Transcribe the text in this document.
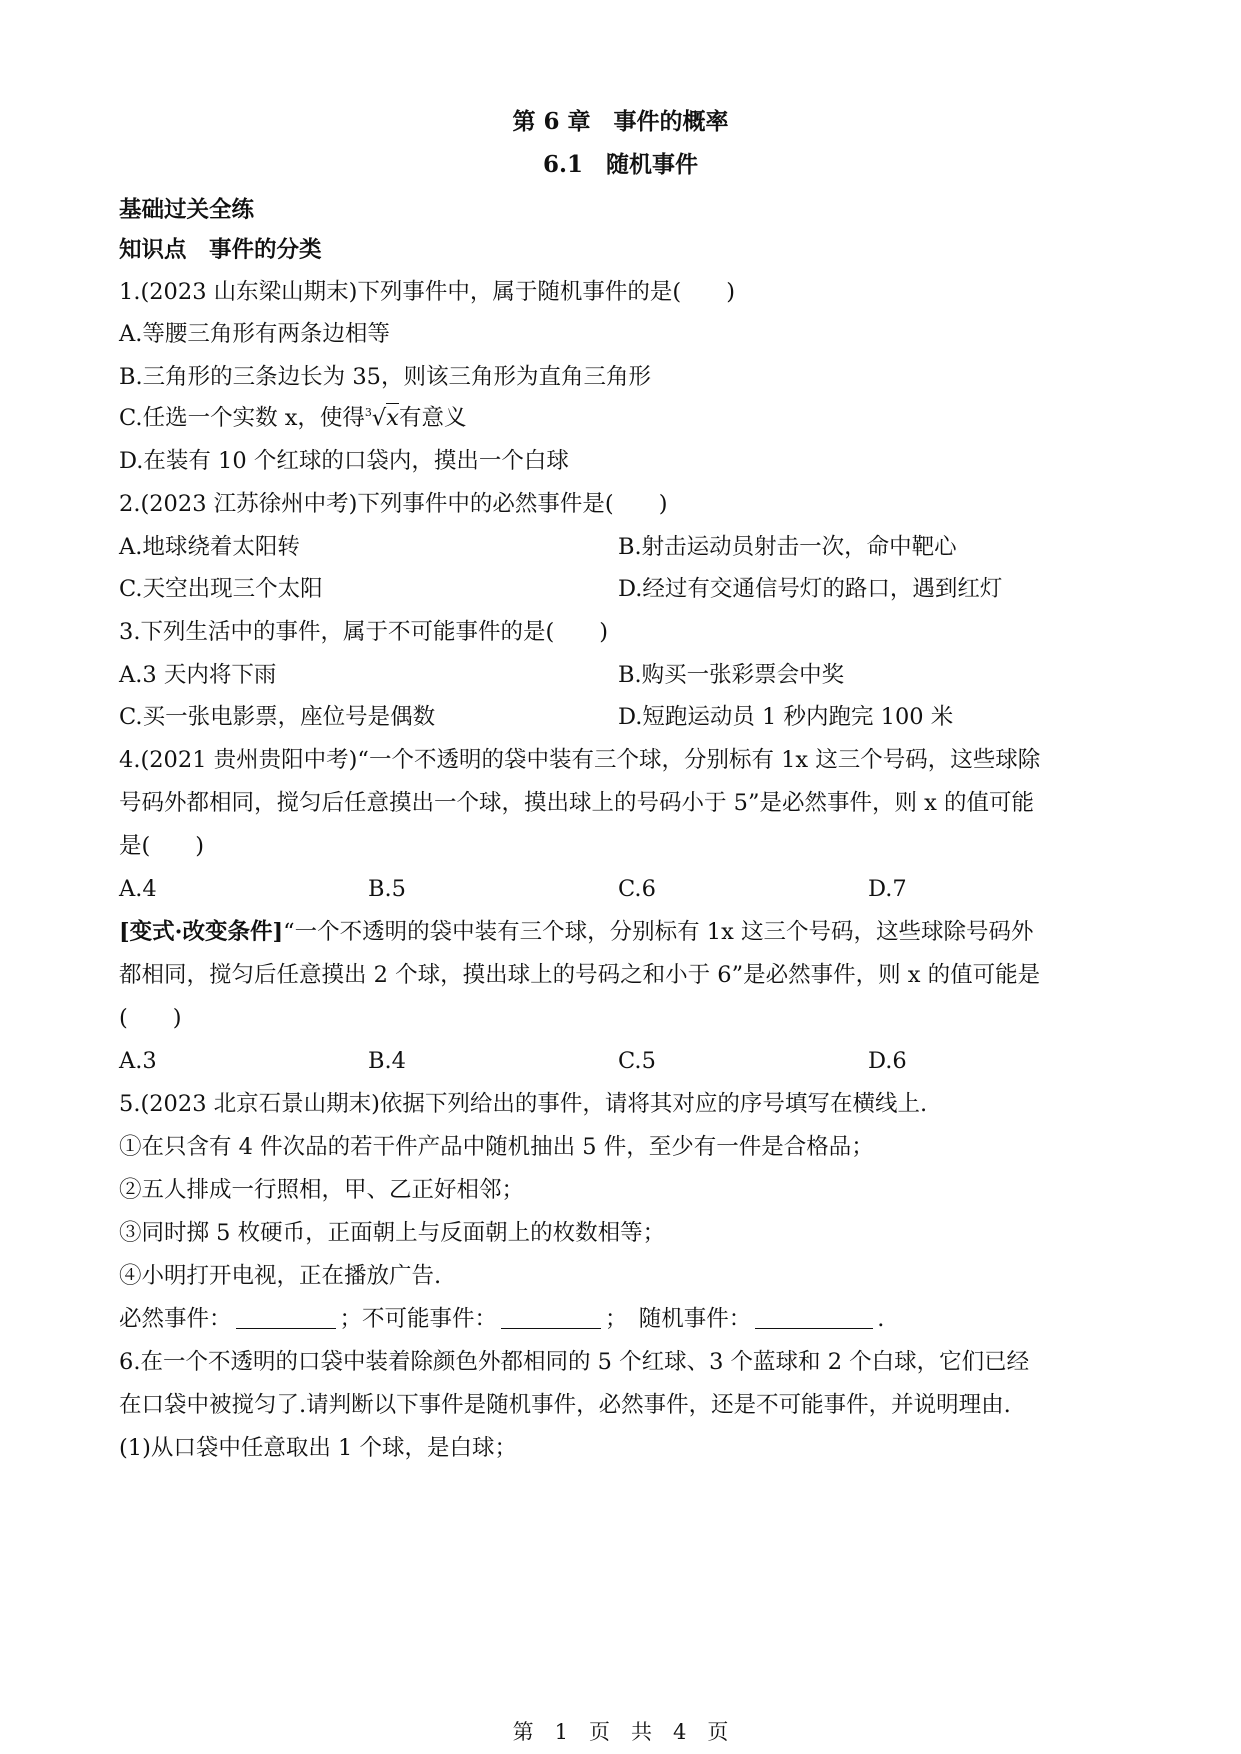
第 6 章　事件的概率
6.1　随机事件
基础过关全练
知识点　事件的分类
1.(2023 山东梁山期末)下列事件中，属于随机事件的是(　　)
A.等腰三角形有两条边相等
B.三角形的三条边长为 35，则该三角形为直角三角形
C.任选一个实数 x，使得$^3$√x有意义
D.在装有 10 个红球的口袋内，摸出一个白球
2.(2023 江苏徐州中考)下列事件中的必然事件是(　　)
A.地球绕着太阳转	B.射击运动员射击一次，命中靶心
C.天空出现三个太阳	D.经过有交通信号灯的路口，遇到红灯
3.下列生活中的事件，属于不可能事件的是(　　)
A.3 天内将下雨	B.购买一张彩票会中奖
C.买一张电影票，座位号是偶数	D.短跑运动员 1 秒内跑完 100 米
4.(2021 贵州贵阳中考)“一个不透明的袋中装有三个球，分别标有 1x 这三个号码，这些球除
号码外都相同，搅匀后任意摸出一个球，摸出球上的号码小于 5”是必然事件，则 x 的值可能
是(　　)
A.4	B.5	C.6	D.7
[变式·改变条件]“一个不透明的袋中装有三个球，分别标有 1x 这三个号码，这些球除号码外
都相同，搅匀后任意摸出 2 个球，摸出球上的号码之和小于 6”是必然事件，则 x 的值可能是
(　　)
A.3	B.4	C.5	D.6
5.(2023 北京石景山期末)依据下列给出的事件，请将其对应的序号填写在横线上.
①在只含有 4 件次品的若干件产品中随机抽出 5 件，至少有一件是合格品；
②五人排成一行照相，甲、乙正好相邻；
③同时掷 5 枚硬币，正面朝上与反面朝上的枚数相等；
④小明打开电视，正在播放广告.
必然事件：	；不可能事件：	；　随机事件：	.
6.在一个不透明的口袋中装着除颜色外都相同的 5 个红球、3 个蓝球和 2 个白球，它们已经
在口袋中被搅匀了.请判断以下事件是随机事件，必然事件，还是不可能事件，并说明理由.
(1)从口袋中任意取出 1 个球，是白球；
第　1　页　共　4　页
